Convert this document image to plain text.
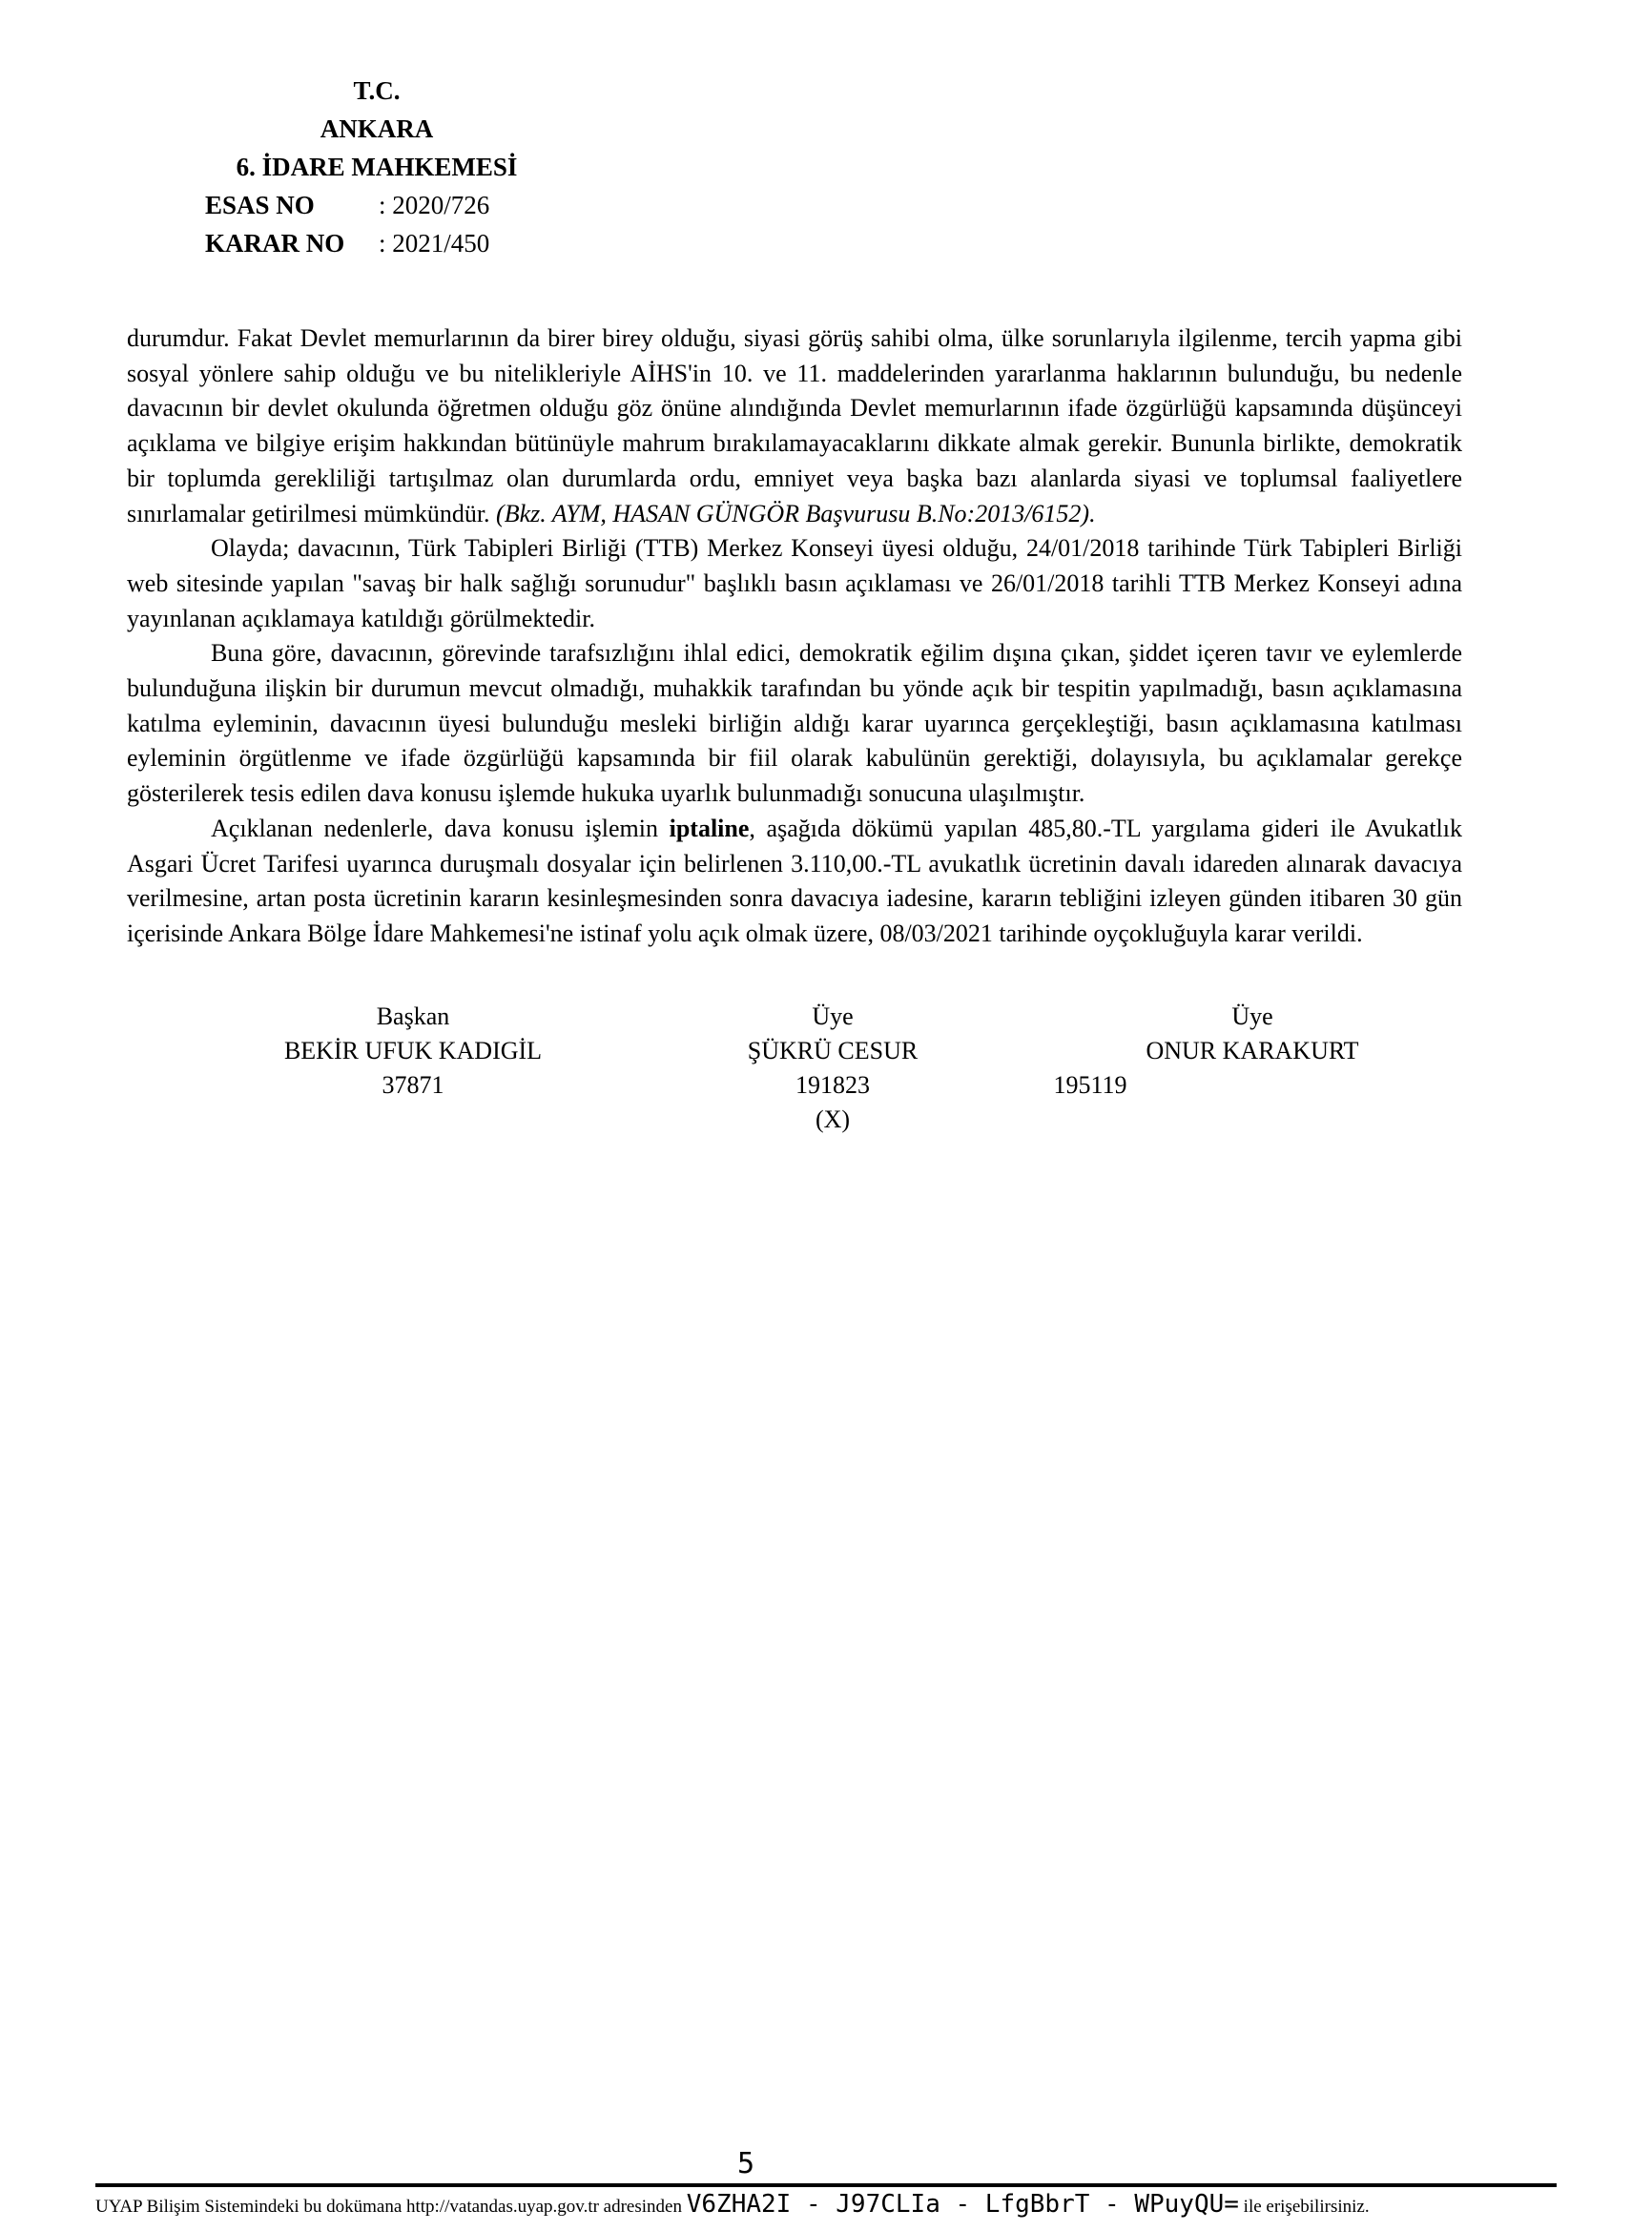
T.C.
ANKARA
6. İDARE MAHKEMESİ
ESAS NO	: 2020/726
KARAR NO	: 2021/450

durumdur. Fakat Devlet memurlarının da birer birey olduğu, siyasi görüş sahibi olma, ülke sorunlarıyla ilgilenme, tercih yapma gibi sosyal yönlere sahip olduğu ve bu nitelikleriyle AİHS'in 10. ve 11. maddelerinden yararlanma haklarının bulunduğu, bu nedenle davacının bir devlet okulunda öğretmen olduğu göz önüne alındığında Devlet memurlarının ifade özgürlüğü kapsamında düşünceyi açıklama ve bilgiye erişim hakkından bütünüyle mahrum bırakılamayacaklarını dikkate almak gerekir. Bununla birlikte, demokratik bir toplumda gerekliliği tartışılmaz olan durumlarda ordu, emniyet veya başka bazı alanlarda siyasi ve toplumsal faaliyetlere sınırlamalar getirilmesi mümkündür. (Bkz. AYM, HASAN GÜNGÖR Başvurusu B.No:2013/6152).

Olayda; davacının, Türk Tabipleri Birliği (TTB) Merkez Konseyi üyesi olduğu, 24/01/2018 tarihinde Türk Tabipleri Birliği web sitesinde yapılan "savaş bir halk sağlığı sorunudur" başlıklı basın açıklaması ve 26/01/2018 tarihli TTB Merkez Konseyi adına yayınlanan açıklamaya katıldığı görülmektedir.

Buna göre, davacının, görevinde tarafsızlığını ihlal edici, demokratik eğilim dışına çıkan, şiddet içeren tavır ve eylemlerde bulunduğuna ilişkin bir durumun mevcut olmadığı, muhakkik tarafından bu yönde açık bir tespitin yapılmadığı, basın açıklamasına katılma eyleminin, davacının üyesi bulunduğu mesleki birliğin aldığı karar uyarınca gerçekleştiği, basın açıklamasına katılması eyleminin örgütlenme ve ifade özgürlüğü kapsamında bir fiil olarak kabulünün gerektiği, dolayısıyla, bu açıklamalar gerekçe gösterilerek tesis edilen dava konusu işlemde hukuka uyarlık bulunmadığı sonucuna ulaşılmıştır.

Açıklanan nedenlerle, dava konusu işlemin iptaline, aşağıda dökümü yapılan 485,80.-TL yargılama gideri ile Avukatlık Asgari Ücret Tarifesi uyarınca duruşmalı dosyalar için belirlenen 3.110,00.-TL avukatlık ücretinin davalı idareden alınarak davacıya verilmesine, artan posta ücretinin kararın kesinleşmesinden sonra davacıya iadesine, kararın tebliğini izleyen günden itibaren 30 gün içerisinde Ankara Bölge İdare Mahkemesi'ne istinaf yolu açık olmak üzere, 08/03/2021 tarihinde oyçokluğuyla karar verildi.

Başkan
BEKİR UFUK KADIGİL
37871
Üye
ŞÜKRÜ CESUR
191823
(X)
Üye
ONUR KARAKURT
195119
5
UYAP Bilişim Sistemindeki bu dokümana http://vatandas.uyap.gov.tr adresinden V6ZHA2I - J97CLIa - LfgBbrT - WPuyQU= ile erişebilirsiniz.
